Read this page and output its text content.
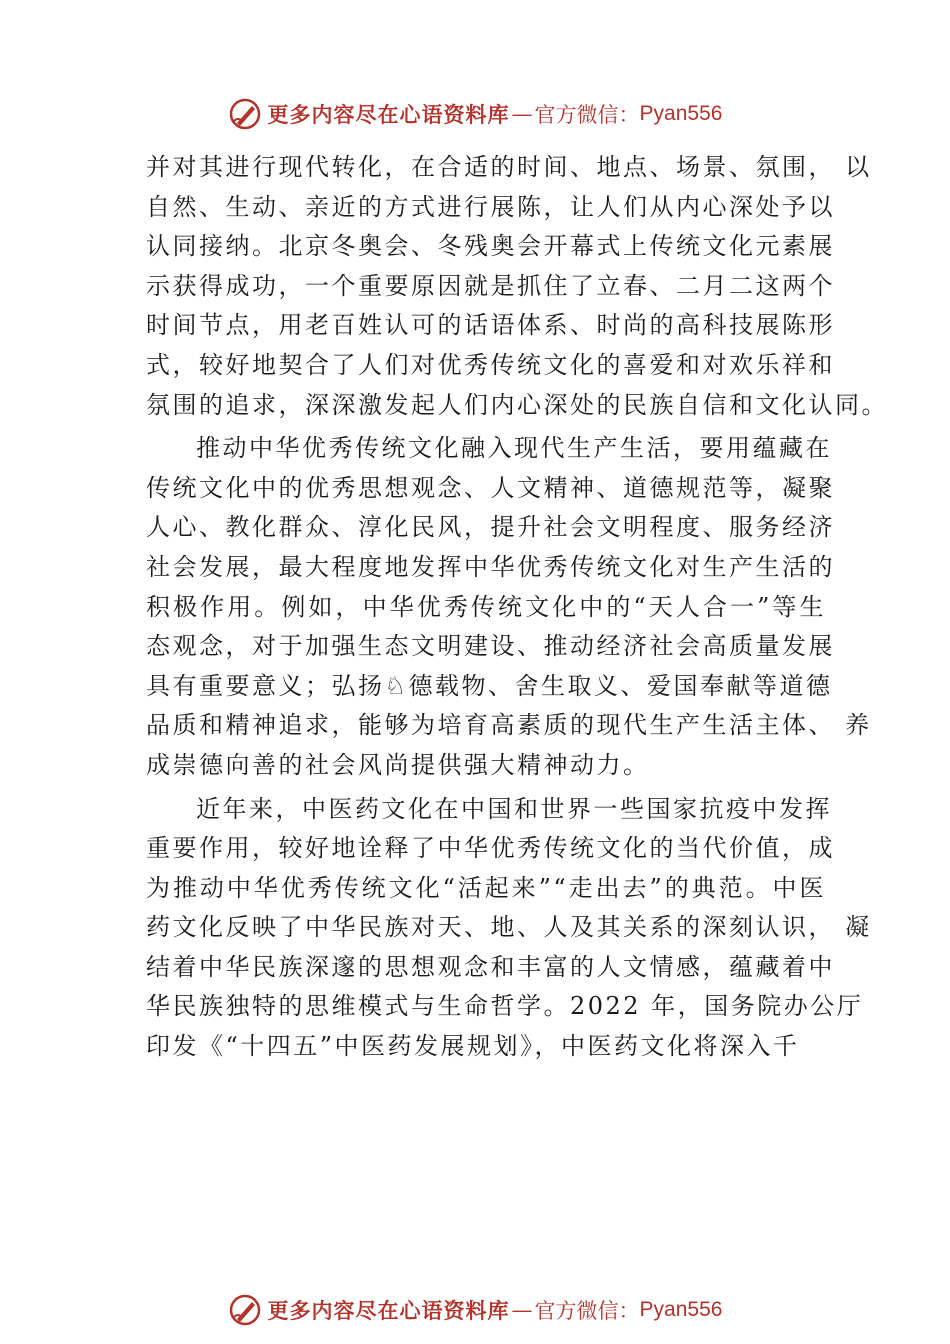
更多内容尽在心语资料库 — 官方微信： Pyan556
并对其进行现代转化，在合适的时间、地点、场景、氛围， 以
自然、生动、亲近的方式进行展陈，让人们从内心深处予以
认同接纳。北京冬奥会、冬残奥会开幕式上传统文化元素展
示获得成功，一个重要原因就是抓住了立春、二月二这两个
时间节点，用老百姓认可的话语体系、时尚的高科技展陈形
式，较好地契合了人们对优秀传统文化的喜爱和对欢乐祥和
氛围的追求，深深激发起人们内心深处的民族自信和文化认同。
推动中华优秀传统文化融入现代生产生活，要用蕴藏在
传统文化中的优秀思想观念、人文精神、道德规范等，凝聚
人心、教化群众、淳化民风，提升社会文明程度、服务经济
社会发展，最大程度地发挥中华优秀传统文化对生产生活的
积极作用。例如，中华优秀传统文化中的“天人合一”等生
态观念，对于加强生态文明建设、推动经济社会高质量发展
具有重要意义；弘扬♘德载物、舍生取义、爱国奉献等道德
品质和精神追求，能够为培育高素质的现代生产生活主体、 养
成崇德向善的社会风尚提供强大精神动力。
近年来，中医药文化在中国和世界一些国家抗疫中发挥
重要作用，较好地诠释了中华优秀传统文化的当代价值，成
为推动中华优秀传统文化“活起来”“走出去”的典范。中医
药文化反映了中华民族对天、地、人及其关系的深刻认识， 凝
结着中华民族深邃的思想观念和丰富的人文情感，蕴藏着中
华民族独特的思维模式与生命哲学。2022 年，国务院办公厅
印发《“十四五”中医药发展规划》，中医药文化将深入千
更多内容尽在心语资料库 — 官方微信： Pyan556
